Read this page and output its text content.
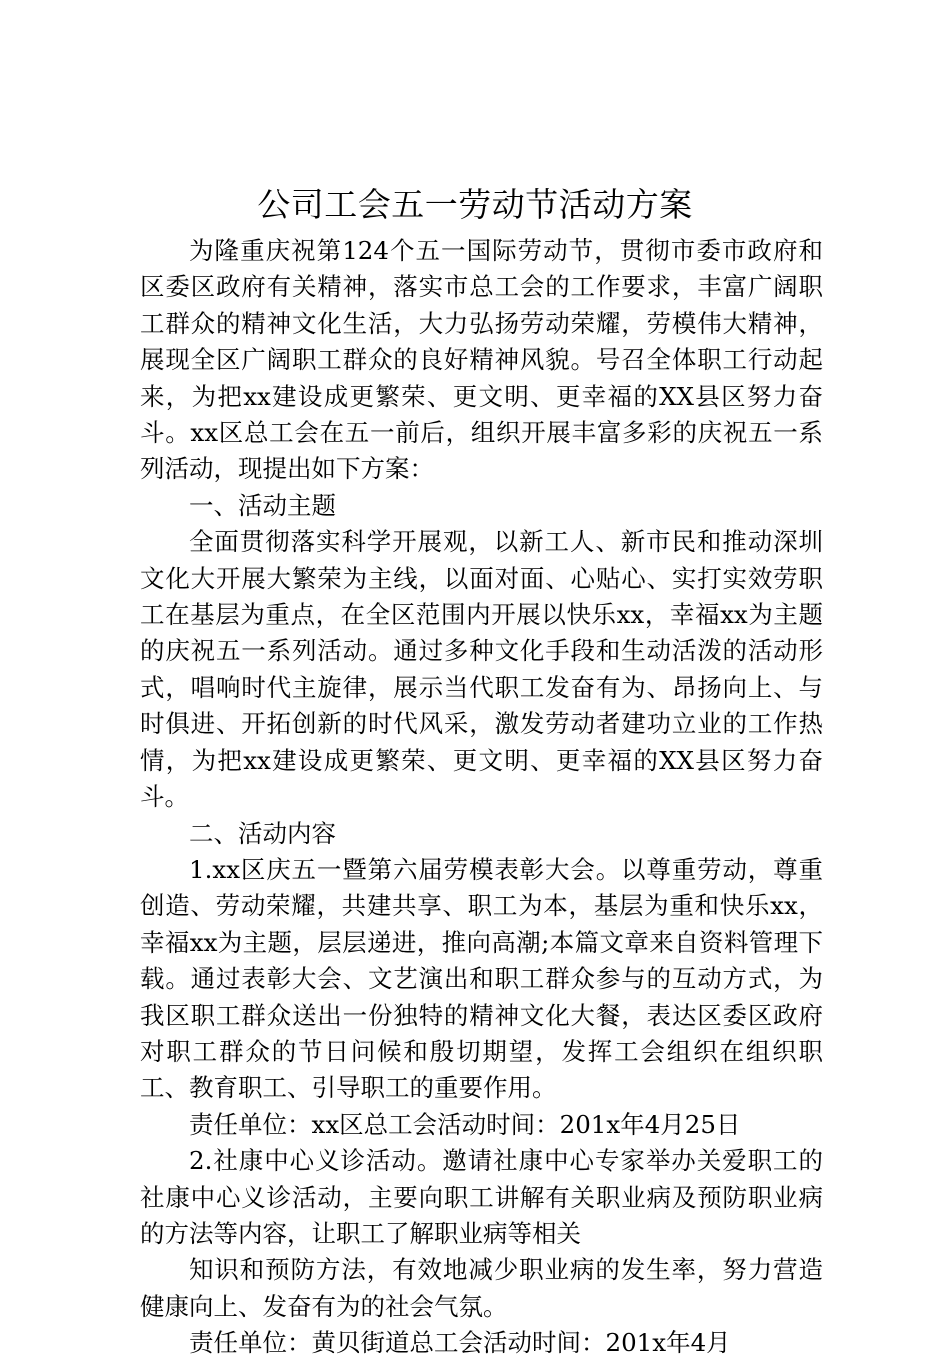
公司工会五一劳动节活动方案

为隆重庆祝第124个五一国际劳动节，贯彻市委市政府和区委区政府有关精神，落实市总工会的工作要求，丰富广阔职工群众的精神文化生活，大力弘扬劳动荣耀，劳模伟大精神，展现全区广阔职工群众的良好精神风貌。号召全体职工行动起来，为把xx建设成更繁荣、更文明、更幸福的XX县区努力奋斗。xx区总工会在五一前后，组织开展丰富多彩的庆祝五一系列活动，现提出如下方案：

一、活动主题

全面贯彻落实科学开展观，以新工人、新市民和推动深圳文化大开展大繁荣为主线，以面对面、心贴心、实打实效劳职工在基层为重点，在全区范围内开展以快乐xx，幸福xx为主题的庆祝五一系列活动。通过多种文化手段和生动活泼的活动形式，唱响时代主旋律，展示当代职工发奋有为、昂扬向上、与时俱进、开拓创新的时代风采，激发劳动者建功立业的工作热情，为把xx建设成更繁荣、更文明、更幸福的XX县区努力奋斗。

二、活动内容

1.xx区庆五一暨第六届劳模表彰大会。以尊重劳动，尊重创造、劳动荣耀，共建共享、职工为本，基层为重和快乐xx，幸福xx为主题，层层递进，推向高潮;本篇文章来自资料管理下载。通过表彰大会、文艺演出和职工群众参与的互动方式，为我区职工群众送出一份独特的精神文化大餐，表达区委区政府对职工群众的节日问候和殷切期望，发挥工会组织在组织职工、教育职工、引导职工的重要作用。

责任单位：xx区总工会活动时间：201x年4月25日

2.社康中心义诊活动。邀请社康中心专家举办关爱职工的社康中心义诊活动，主要向职工讲解有关职业病及预防职业病的方法等内容，让职工了解职业病等相关

知识和预防方法，有效地减少职业病的发生率，努力营造健康向上、发奋有为的社会气氛。

责任单位：黄贝街道总工会活动时间：201x年4月
